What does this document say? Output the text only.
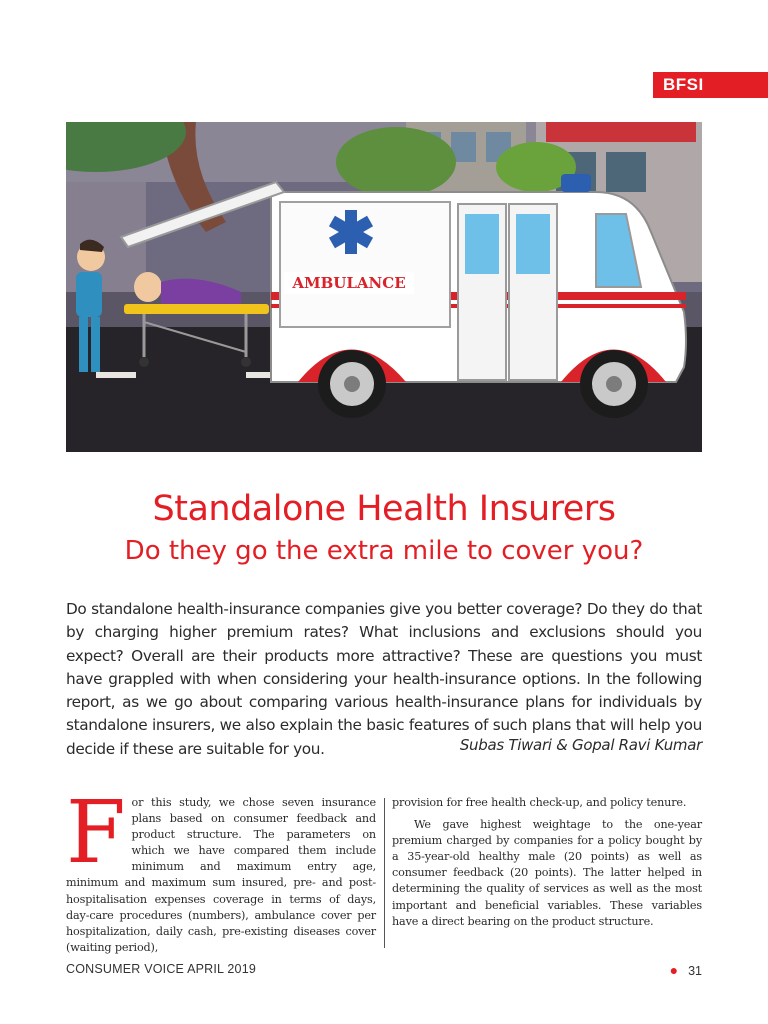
BFSI
AMBULANCE
Standalone Health Insurers
Do they go the extra mile to cover you?
Do standalone health-insurance companies give you better coverage? Do they do that by charging higher premium rates? What inclusions and exclusions should you expect? Overall are their products more attractive? These are questions you must have grappled with when considering your health-insurance options. In the following report, as we go about comparing various health-insurance plans for individuals by standalone insurers, we also explain the basic features of such plans that will help you decide if these are suitable for you.	Subas Tiwari & Gopal Ravi Kumar
F or this study, we chose seven insurance plans based on consumer feedback and product structure. The parameters on which we have compared them include minimum and maximum entry age, minimum and maximum sum insured, pre- and post-hospitalisation expenses coverage in terms of days, day-care procedures (numbers), ambulance cover per hospitalization, daily cash, pre-existing diseases cover (waiting period),

provision for free health check-up, and policy tenure.

We gave highest weightage to the one-year premium charged by companies for a policy bought by a 35-year-old healthy male (20 points) as well as consumer feedback (20 points). The latter helped in determining the quality of services as well as the most important and beneficial variables. These variables have a direct bearing on the product structure.

CONSUMER VOICE APRIL 2019	● 31
